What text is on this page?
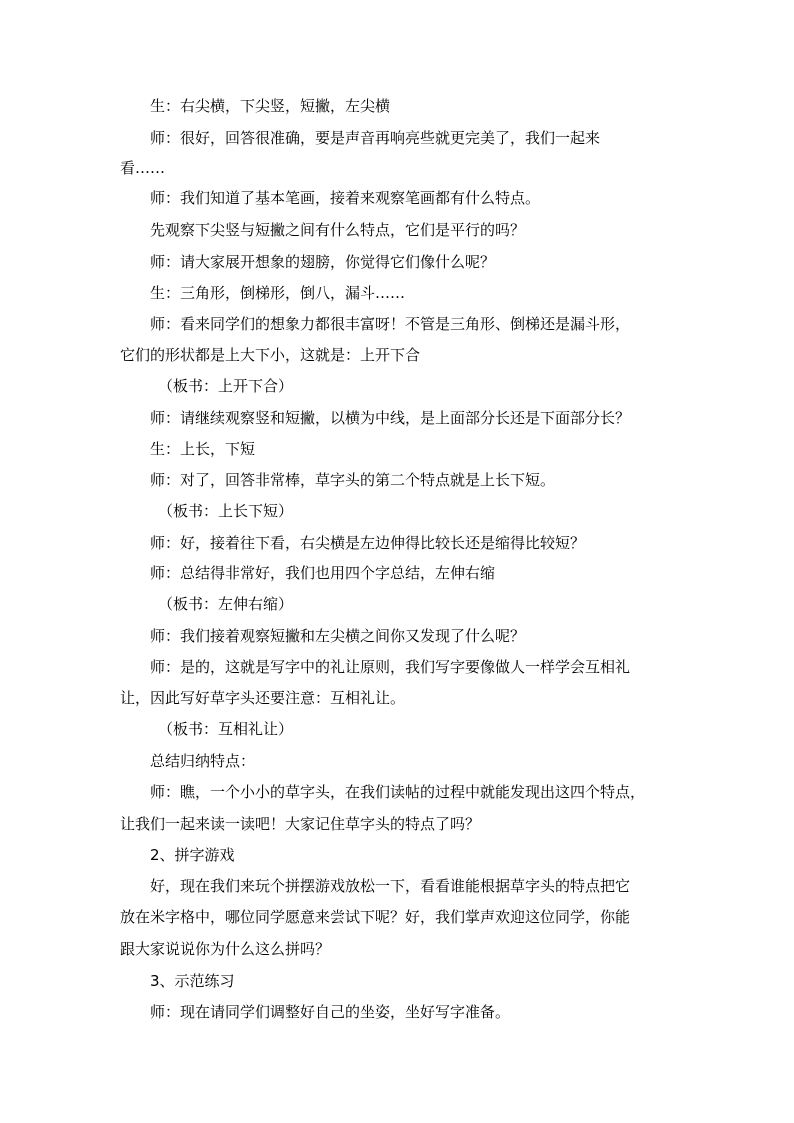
生：右尖横，下尖竖，短撇，左尖横
师：很好，回答很准确，要是声音再响亮些就更完美了，我们一起来
看……
师：我们知道了基本笔画，接着来观察笔画都有什么特点。
先观察下尖竖与短撇之间有什么特点，它们是平行的吗？
师：请大家展开想象的翅膀，你觉得它们像什么呢？
生：三角形，倒梯形，倒八，漏斗……
师：看来同学们的想象力都很丰富呀！不管是三角形、倒梯还是漏斗形，
它们的形状都是上大下小，这就是：上开下合
（板书：上开下合）
师：请继续观察竖和短撇，以横为中线，是上面部分长还是下面部分长？
生：上长，下短
师：对了，回答非常棒，草字头的第二个特点就是上长下短。
（板书：上长下短）
师：好，接着往下看，右尖横是左边伸得比较长还是缩得比较短？
师：总结得非常好，我们也用四个字总结，左伸右缩
（板书：左伸右缩）
师：我们接着观察短撇和左尖横之间你又发现了什么呢？
师：是的，这就是写字中的礼让原则，我们写字要像做人一样学会互相礼
让，因此写好草字头还要注意：互相礼让。
（板书：互相礼让）
总结归纳特点：
师：瞧，一个小小的草字头，在我们读帖的过程中就能发现出这四个特点，
让我们一起来读一读吧！大家记住草字头的特点了吗？
2、拼字游戏
好，现在我们来玩个拼摆游戏放松一下，看看谁能根据草字头的特点把它
放在米字格中，哪位同学愿意来尝试下呢？好，我们掌声欢迎这位同学，你能
跟大家说说你为什么这么拼吗？
3、示范练习
师：现在请同学们调整好自己的坐姿，坐好写字准备。
